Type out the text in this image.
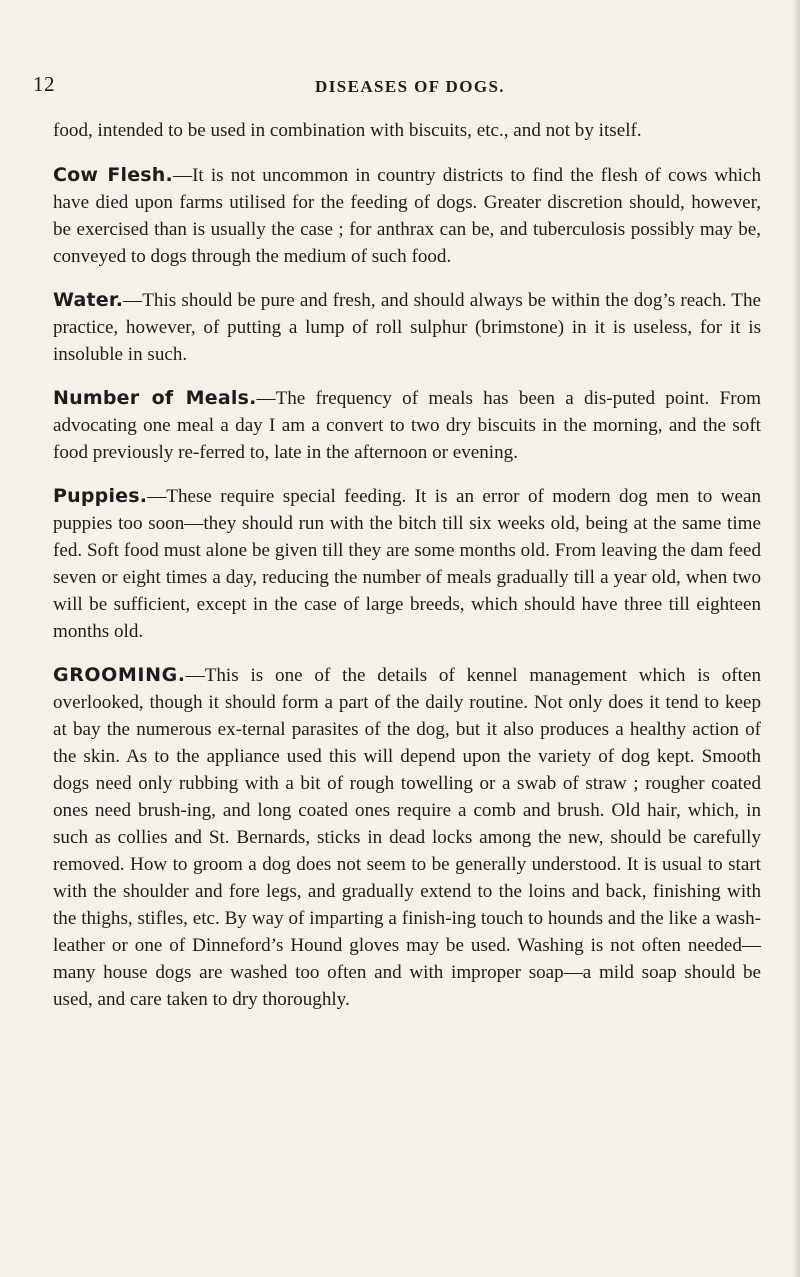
12	DISEASES OF DOGS.

food, intended to be used in combination with biscuits, etc., and not by itself.

Cow Flesh.—It is not uncommon in country districts to find the flesh of cows which have died upon farms utilised for the feeding of dogs. Greater discretion should, however, be exercised than is usually the case ; for anthrax can be, and tuberculosis possibly may be, conveyed to dogs through the medium of such food.

Water.—This should be pure and fresh, and should always be within the dog’s reach. The practice, however, of putting a lump of roll sulphur (brimstone) in it is useless, for it is insoluble in such.

Number of Meals.—The frequency of meals has been a dis-puted point. From advocating one meal a day I am a convert to two dry biscuits in the morning, and the soft food previously re-ferred to, late in the afternoon or evening.

Puppies.—These require special feeding. It is an error of modern dog men to wean puppies too soon—they should run with the bitch till six weeks old, being at the same time fed. Soft food must alone be given till they are some months old. From leaving the dam feed seven or eight times a day, reducing the number of meals gradually till a year old, when two will be sufficient, except in the case of large breeds, which should have three till eighteen months old.

GROOMING.—This is one of the details of kennel management which is often overlooked, though it should form a part of the daily routine. Not only does it tend to keep at bay the numerous ex-ternal parasites of the dog, but it also produces a healthy action of the skin. As to the appliance used this will depend upon the variety of dog kept. Smooth dogs need only rubbing with a bit of rough towelling or a swab of straw ; rougher coated ones need brush-ing, and long coated ones require a comb and brush. Old hair, which, in such as collies and St. Bernards, sticks in dead locks among the new, should be carefully removed. How to groom a dog does not seem to be generally understood. It is usual to start with the shoulder and fore legs, and gradually extend to the loins and back, finishing with the thighs, stifles, etc. By way of imparting a finish-ing touch to hounds and the like a wash-leather or one of Dinneford’s Hound gloves may be used. Washing is not often needed—many house dogs are washed too often and with improper soap—a mild soap should be used, and care taken to dry thoroughly.
